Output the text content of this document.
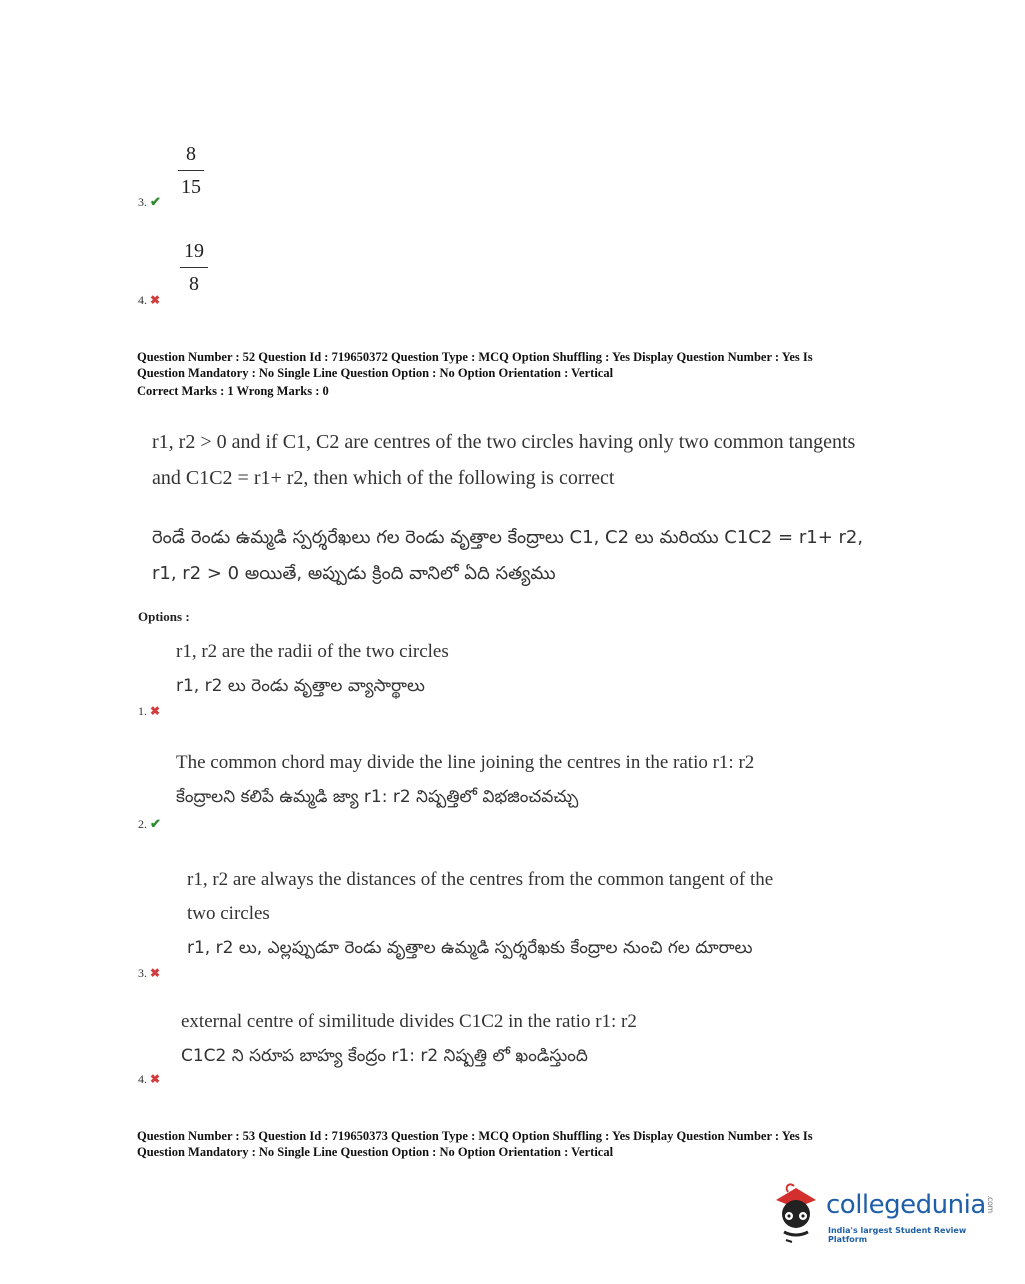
8
15
3. ✔
19
8
4. ✖
Question Number : 52 Question Id : 719650372 Question Type : MCQ Option Shuffling : Yes Display Question Number : Yes Is
Question Mandatory : No Single Line Question Option : No Option Orientation : Vertical
Correct Marks : 1 Wrong Marks : 0
r1, r2 > 0 and if C1, C2 are centres of the two circles having only two common tangents
and C1C2 = r1+ r2, then which of the following is correct
రెండే రెండు ఉమ్మడి స్పర్శరేఖలు గల రెండు వృత్తాల కేంద్రాలు C1, C2 లు మరియు C1C2 = r1+ r2,
r1, r2 > 0 అయితే, అప్పుడు క్రింది వానిలో ఏది సత్యము
Options :
r1, r2 are the radii of the two circles
r1, r2 లు రెండు వృత్తాల వ్యాసార్థాలు
1. ✖
The common chord may divide the line joining the centres in the ratio r1: r2
కేంద్రాలని కలిపే ఉమ్మడి జ్యా r1: r2 నిష్పత్తిలో విభజించవచ్చు
2. ✔
r1, r2 are always the distances of the centres from the common tangent of the
two circles
r1, r2 లు, ఎల్లప్పుడూ రెండు వృత్తాల ఉమ్మడి స్పర్శరేఖకు కేంద్రాల నుంచి గల దూరాలు
3. ✖
external centre of similitude divides C1C2 in the ratio r1: r2
C1C2 ని సరూప బాహ్య కేంద్రం r1: r2 నిష్పత్తి లో ఖండిస్తుంది
4. ✖
Question Number : 53 Question Id : 719650373 Question Type : MCQ Option Shuffling : Yes Display Question Number : Yes Is
Question Mandatory : No Single Line Question Option : No Option Orientation : Vertical
collegedunia.com
India's largest Student Review Platform
